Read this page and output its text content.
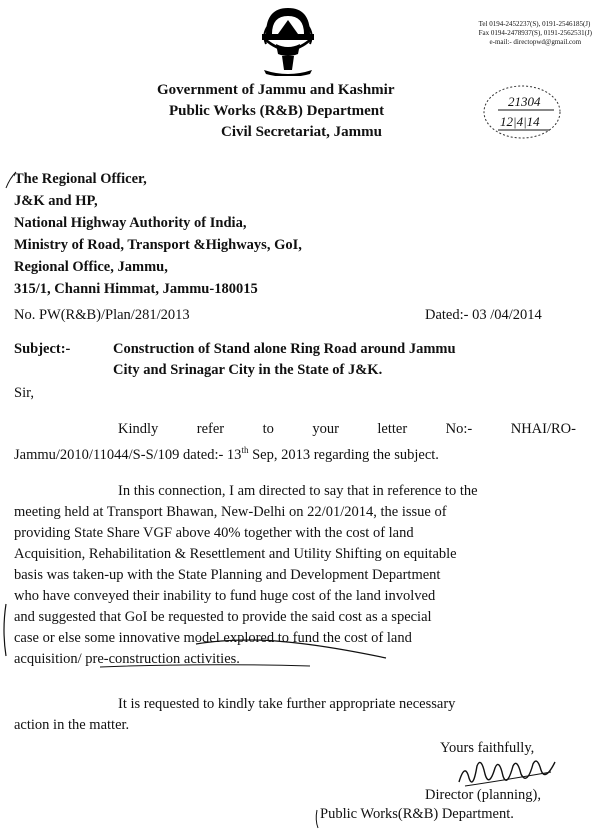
Tel 0194-2452237(S), 0191-2546185(J)
Fax 0194-2478937(S), 0191-2562531(J)
e-mail:- directopwd@gmail.com
Government of Jammu and Kashmir
Public Works (R&B) Department
Civil Secretariat, Jammu
21304
12|4|14
The Regional Officer,
J&K and HP,
National Highway Authority of India,
Ministry of Road, Transport &Highways, GoI,
Regional Office, Jammu,
315/1, Channi Himmat, Jammu-180015
No. PW(R&B)/Plan/281/2013	Dated:- 03 /04/2014
Subject:-	Construction of Stand alone Ring Road around Jammu
City and Srinagar City in the State of J&K.
Sir,
Kindly	refer	to	your	letter	No:-	NHAI/RO-
Jammu/2010/11044/S-S/109 dated:- 13th Sep, 2013 regarding the subject.
In this connection, I am directed to say that in reference to the
meeting held at Transport Bhawan, New-Delhi on 22/01/2014, the issue of
providing State Share VGF above 40% together with the cost of land
Acquisition, Rehabilitation & Resettlement and Utility Shifting on equitable
basis was taken-up with the State Planning and Development Department
who have conveyed their inability to fund huge cost of the land involved
and suggested that GoI be requested to provide the said cost as a special
case or else some innovative model explored to fund the cost of land
acquisition/ pre-construction activities.
It is requested to kindly take further appropriate necessary
action in the matter.
Yours faithfully,
Director (planning),
Public Works(R&B) Department.
